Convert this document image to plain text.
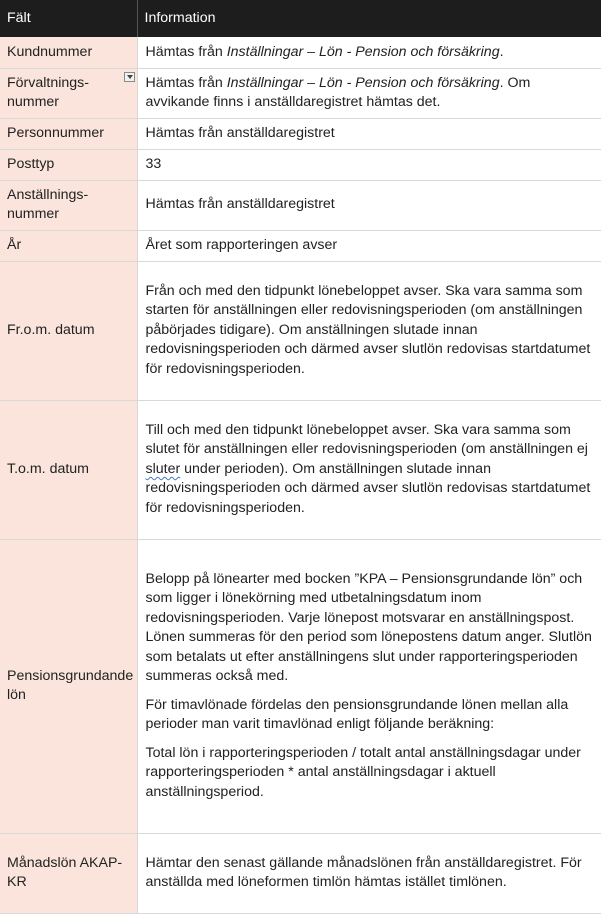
Fält	Information
Kundnummer	Hämtas från Inställningar – Lön - Pension och försäkring.

Förvaltnings-nummer	Hämtas från Inställningar – Lön - Pension och försäkring. Om avvikande finns i anställdaregistret hämtas det.

Personnummer	Hämtas från anställdaregistret

Posttyp	33

Anställnings-nummer	Hämtas från anställdaregistret

År	Året som rapporteringen avser

Fr.o.m. datum	Från och med den tidpunkt lönebeloppet avser. Ska vara samma som starten för anställningen eller redovisningsperioden (om anställningen påbörjades tidigare). Om anställningen slutade innan redovisningsperioden och därmed avser slutlön redovisas startdatumet för redovisningsperioden.

T.o.m. datum	Till och med den tidpunkt lönebeloppet avser. Ska vara samma som slutet för anställningen eller redovisningsperioden (om anställningen ej sluter under perioden). Om anställningen slutade innan redovisningsperioden och därmed avser slutlön redovisas startdatumet för redovisningsperioden.

Pensionsgrundande lön	Belopp på lönearter med bocken ”KPA – Pensionsgrundande lön” och som ligger i lönekörning med utbetalningsdatum inom redovisningsperioden. Varje lönepost motsvarar en anställningspost. Lönen summeras för den period som lönepostens datum anger. Slutlön som betalats ut efter anställningens slut under rapporteringsperioden summeras också med.

För timavlönade fördelas den pensionsgrundande lönen mellan alla perioder man varit timavlönad enligt följande beräkning:

Total lön i rapporteringsperioden / totalt antal anställningsdagar under rapporteringsperioden * antal anställningsdagar i aktuell anställningsperiod.

Månadslön AKAP-KR	Hämtar den senast gällande månadslönen från anställdaregistret. För anställda med löneformen timlön hämtas istället timlönen.
